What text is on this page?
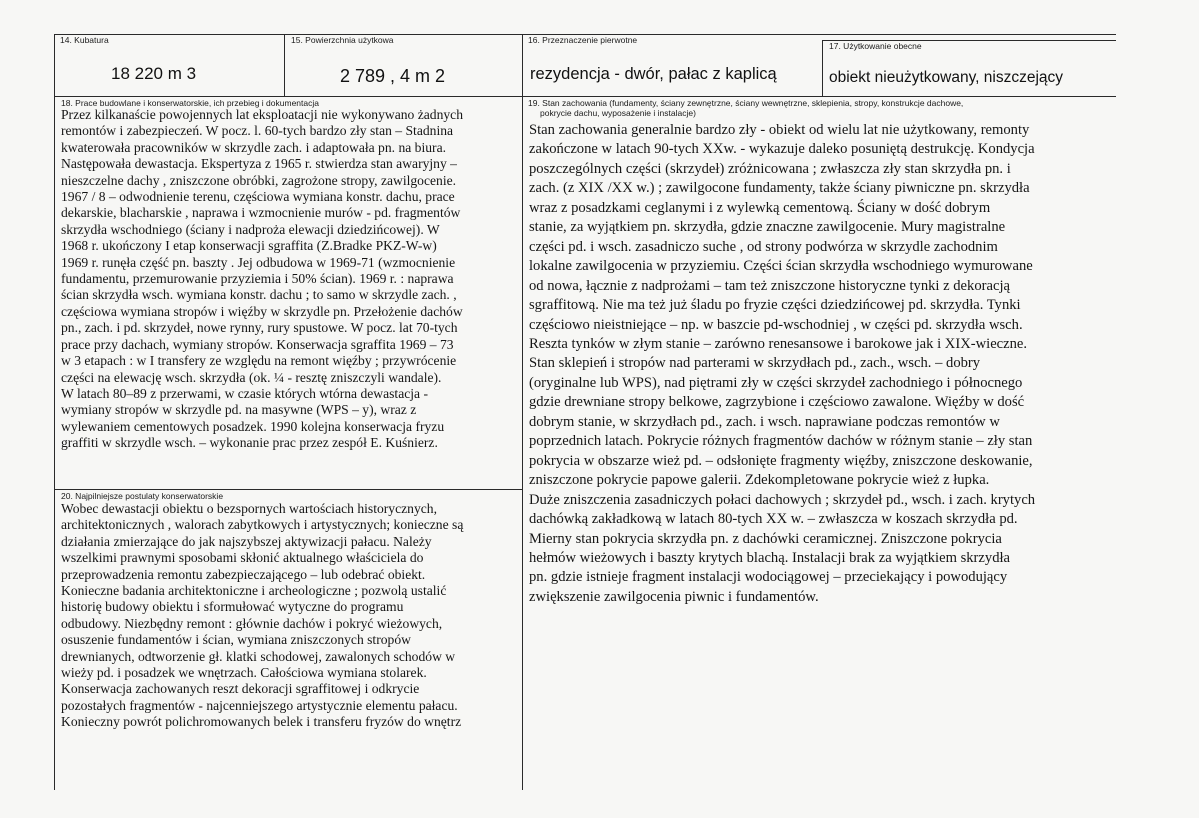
14. Kubatura
18 220 m 3
15. Powierzchnia użytkowa
2 789 , 4 m 2
16. Przeznaczenie pierwotne
rezydencja - dwór, pałac z kaplicą
17. Użytkowanie obecne
obiekt nieużytkowany, niszczejący
18. Prace budowlane i konserwatorskie, ich przebieg i dokumentacja
Przez kilkanaście powojennych lat eksploatacji nie wykonywano żadnych
remontów i zabezpieczeń. W pocz. l. 60-tych bardzo zły stan – Stadnina
kwaterowała pracowników w skrzydle zach. i adaptowała pn. na biura.
Następowała dewastacja. Ekspertyza z 1965 r. stwierdza stan awaryjny –
nieszczelne dachy , zniszczone obróbki, zagrożone stropy, zawilgocenie.
1967 / 8 – odwodnienie terenu, częściowa wymiana konstr. dachu, prace
dekarskie, blacharskie , naprawa i wzmocnienie murów - pd. fragmentów
skrzydła wschodniego (ściany i nadproża elewacji dziedzińcowej). W
1968 r. ukończony I etap konserwacji sgraffita (Z.Bradke PKZ-W-w)
1969 r. runęła część pn. baszty . Jej odbudowa w 1969-71 (wzmocnienie
fundamentu, przemurowanie przyziemia i 50% ścian). 1969 r. : naprawa
ścian skrzydła wsch. wymiana konstr. dachu ; to samo w skrzydle zach. ,
częściowa wymiana stropów i więźby w skrzydle pn. Przełożenie dachów
pn., zach. i pd. skrzydeł, nowe rynny, rury spustowe. W pocz. lat 70-tych
prace przy dachach, wymiany stropów. Konserwacja sgraffita 1969 – 73
w 3 etapach : w I transfery ze względu na remont więźby ; przywrócenie
części na elewację wsch. skrzydła (ok. ¼ - resztę zniszczyli wandale).
W latach 80–89 z przerwami, w czasie których wtórna dewastacja -
wymiany stropów w skrzydle pd. na masywne (WPS – y), wraz z
wylewaniem cementowych posadzek. 1990 kolejna konserwacja fryzu
graffiti w skrzydle wsch. – wykonanie prac przez zespół E. Kuśnierz.
20. Najpilniejsze postulaty konserwatorskie
Wobec dewastacji obiektu o bezspornych wartościach historycznych,
architektonicznych , walorach zabytkowych i artystycznych; konieczne są
działania zmierzające do jak najszybszej aktywizacji pałacu. Należy
wszelkimi prawnymi sposobami skłonić aktualnego właściciela do
przeprowadzenia remontu zabezpieczającego – lub odebrać obiekt.
Konieczne badania architektoniczne i archeologiczne ; pozwolą ustalić
historię budowy obiektu i sformułować wytyczne do programu
odbudowy. Niezbędny remont : głównie dachów i pokryć wieżowych,
osuszenie fundamentów i ścian, wymiana zniszczonych stropów
drewnianych, odtworzenie gł. klatki schodowej, zawalonych schodów w
wieży pd. i posadzek we wnętrzach. Całościowa wymiana stolarek.
Konserwacja zachowanych reszt dekoracji sgraffitowej i odkrycie
pozostałych fragmentów - najcenniejszego artystycznie elementu pałacu.
Konieczny powrót polichromowanych belek i transferu fryzów do wnętrz
19. Stan zachowania (fundamenty, ściany zewnętrzne, ściany wewnętrzne, sklepienia, stropy, konstrukcje dachowe,
pokrycie dachu, wyposażenie i instalacje)
Stan zachowania generalnie bardzo zły - obiekt od wielu lat nie użytkowany, remonty
zakończone w latach 90-tych XXw. - wykazuje daleko posuniętą destrukcję. Kondycja
poszczególnych części (skrzydeł) zróżnicowana ; zwłaszcza zły stan skrzydła pn. i
zach. (z XIX /XX w.) ; zawilgocone fundamenty, także ściany piwniczne pn. skrzydła
wraz z posadzkami ceglanymi i z wylewką cementową. Ściany w dość dobrym
stanie, za wyjątkiem pn. skrzydła, gdzie znaczne zawilgocenie. Mury magistralne
części pd. i wsch. zasadniczo suche , od strony podwórza w skrzydle zachodnim
lokalne zawilgocenia w przyziemiu. Części ścian skrzydła wschodniego wymurowane
od nowa, łącznie z nadprożami – tam też zniszczone historyczne tynki z dekoracją
sgraffitową. Nie ma też już śladu po fryzie części dziedzińcowej pd. skrzydła. Tynki
częściowo nieistniejące – np. w baszcie pd-wschodniej , w części pd. skrzydła wsch.
Reszta tynków w złym stanie – zarówno renesansowe i barokowe jak i XIX-wieczne.
Stan sklepień i stropów nad parterami w skrzydłach pd., zach., wsch. – dobry
(oryginalne lub WPS), nad piętrami zły w części skrzydeł zachodniego i północnego
gdzie drewniane stropy belkowe, zagrzybione i częściowo zawalone. Więźby w dość
dobrym stanie, w skrzydłach pd., zach. i wsch. naprawiane podczas remontów w
poprzednich latach. Pokrycie różnych fragmentów dachów w różnym stanie – zły stan
pokrycia w obszarze wież pd. – odsłonięte fragmenty więźby, zniszczone deskowanie,
zniszczone pokrycie papowe galerii. Zdekompletowane pokrycie wież z łupka.
Duże zniszczenia zasadniczych połaci dachowych ; skrzydeł pd., wsch. i zach. krytych
dachówką zakładkową w latach 80-tych XX w. – zwłaszcza w koszach skrzydła pd.
Mierny stan pokrycia skrzydła pn. z dachówki ceramicznej. Zniszczone pokrycia
hełmów wieżowych i baszty krytych blachą. Instalacji brak za wyjątkiem skrzydła
pn. gdzie istnieje fragment instalacji wodociągowej – przeciekający i powodujący
zwiększenie zawilgocenia piwnic i fundamentów.
